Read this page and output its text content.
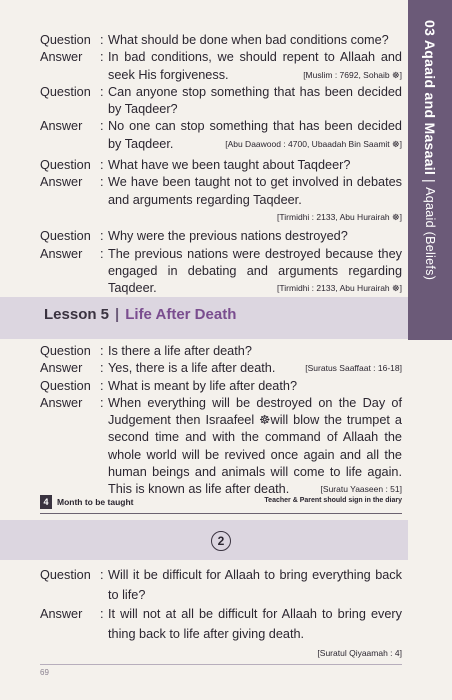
03 Aqaaid and Masaail|Aqaaid (Beliefs)
Question : What should be done when bad conditions come?
Answer	: In bad conditions, we should repent to Allaah and seek His forgiveness.	[Muslim : 7692, Sohaib ☸]
Question : Can anyone stop something that has been decided by Taqdeer?
Answer	: No one can stop something that has been decided by Taqdeer.	[Abu Daawood : 4700, Ubaadah Bin Saamit ☸]
Question : What have we been taught about Taqdeer?
Answer	: We have been taught not to get involved in debates and arguments regarding Taqdeer.
[Tirmidhi : 2133, Abu Hurairah ☸]
Question : Why were the previous nations destroyed?
Answer	: The previous nations were destroyed because they engaged in debating and arguments regarding Taqdeer.	[Tirmidhi : 2133, Abu Hurairah ☸]
Lesson 5 | Life After Death
Question : Is there a life after death?
Answer	: Yes, there is a life after death.	[Suratus Saaffaat : 16-18]
Question : What is meant by life after death?
Answer	: When everything will be destroyed on the Day of Judgement then Israafeel ☸will blow the trumpet a second time and with the command of Allaah the whole world will be revived once again and all the human beings and animals will come to life again. This is known as life after death.	[Suratu Yaaseen : 51]
4	Month to be taught	Teacher & Parent should sign in the diary
2
Question : Will it be difficult for Allaah to bring everything back to life?
Answer	: It will not at all be difficult for Allaah to bring every thing back to life after giving death.
[Suratul Qiyaamah : 4]
69
